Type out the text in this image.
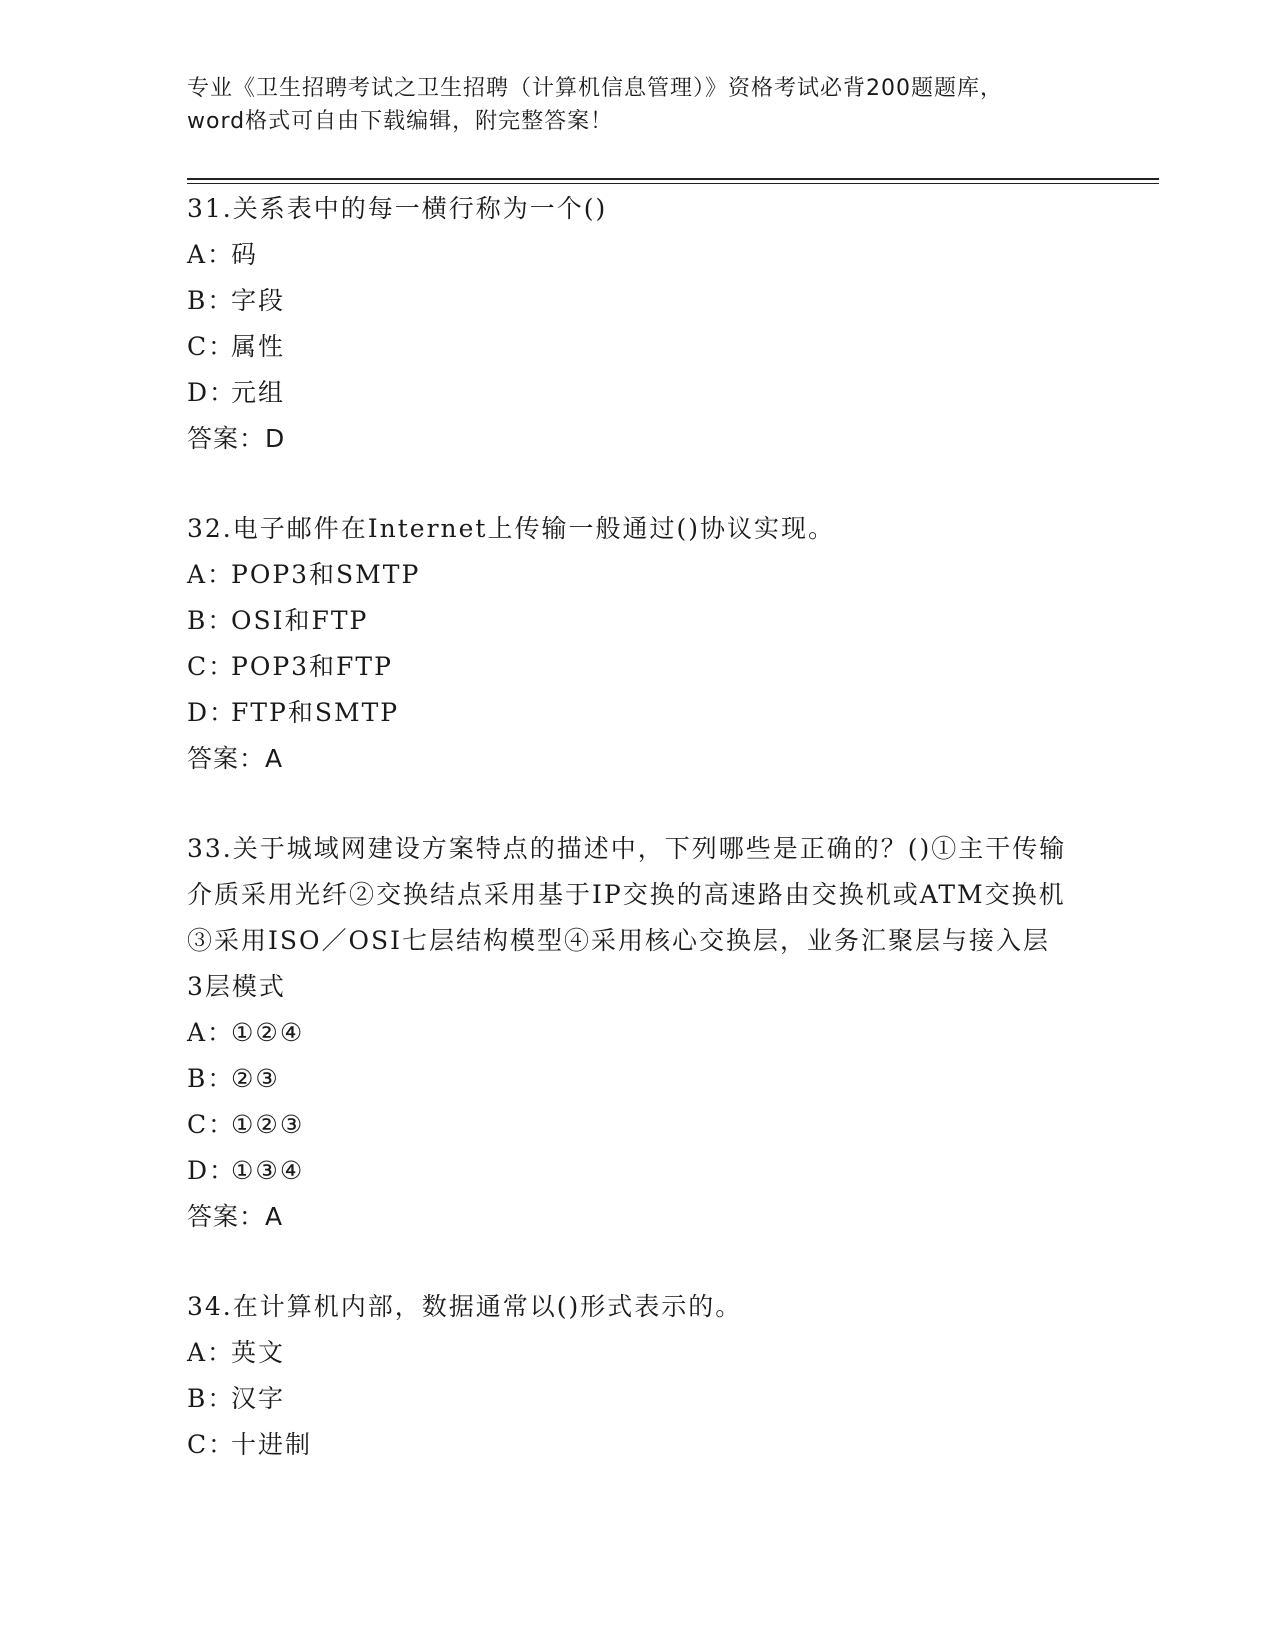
专业《卫生招聘考试之卫生招聘（计算机信息管理）》资格考试必背200题题库，
word格式可自由下载编辑，附完整答案！

31.关系表中的每一横行称为一个()

A：码

B：字段

C：属性

D：元组

答案：D

32.电子邮件在Internet上传输一般通过()协议实现。

A：POP3和SMTP

B：OSI和FTP

C：POP3和FTP

D：FTP和SMTP

答案：A

33.关于城域网建设方案特点的描述中，下列哪些是正确的？()①主干传输介质采用光纤②交换结点采用基于IP交换的高速路由交换机或ATM交换机③采用ISO／OSI七层结构模型④采用核心交换层，业务汇聚层与接入层3层模式

A：①②④

B：②③

C：①②③

D：①③④

答案：A

34.在计算机内部，数据通常以()形式表示的。

A：英文

B：汉字

C：十进制
